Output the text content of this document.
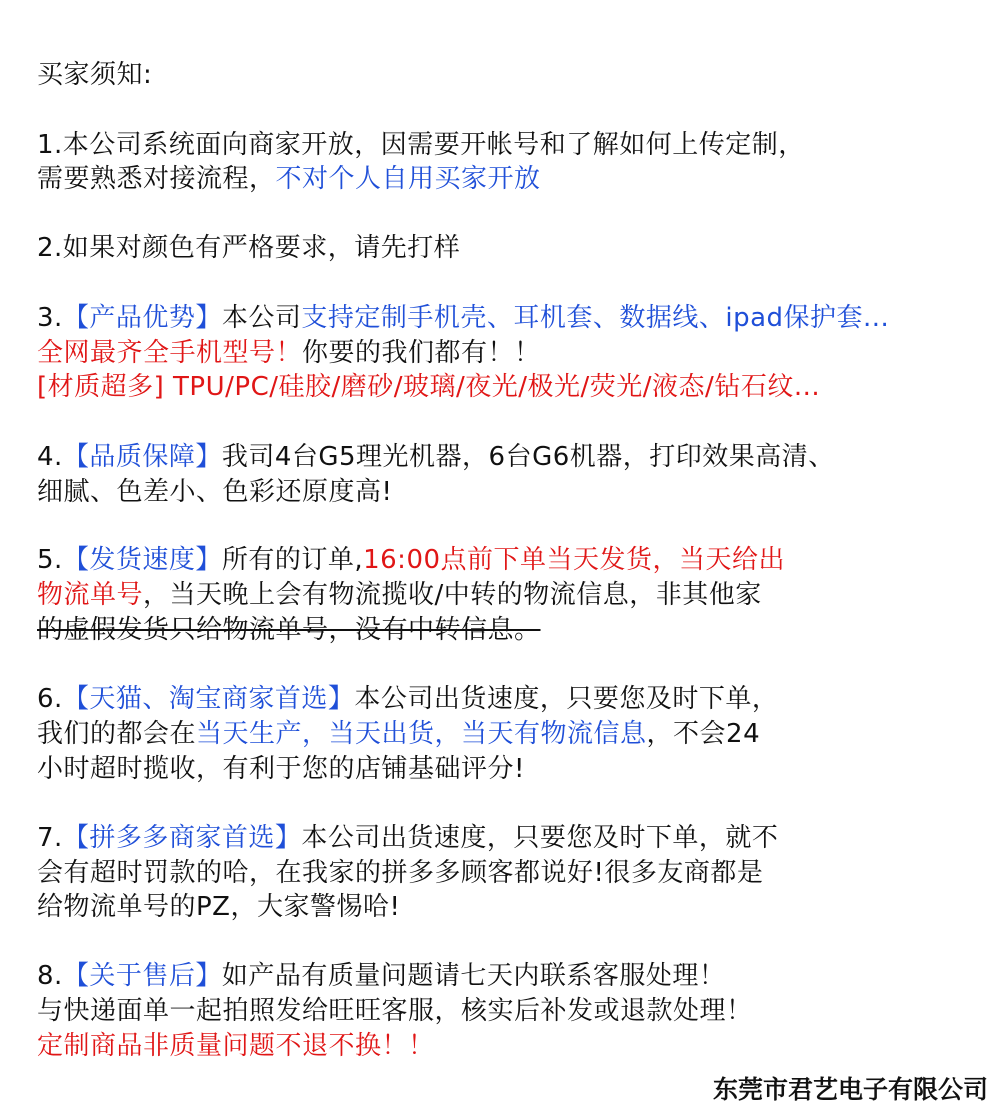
买家须知:
1.本公司系统面向商家开放，因需要开帐号和了解如何上传定制，
需要熟悉对接流程，不对个人自用买家开放
2.如果对颜色有严格要求，请先打样
3.【产品优势】本公司支持定制手机壳、耳机套、数据线、ipad保护套...
全网最齐全手机型号！你要的我们都有！！
[材质超多] TPU/PC/硅胶/磨砂/玻璃/夜光/极光/荧光/液态/钻石纹...
4.【品质保障】我司4台G5理光机器，6台G6机器，打印效果高清、
细腻、色差小、色彩还原度高!
5.【发货速度】所有的订单,16:00点前下单当天发货，当天给出
物流单号，当天晚上会有物流揽收/中转的物流信息，非其他家
的虚假发货只给物流单号，没有中转信息。
6.【天猫、淘宝商家首选】本公司出货速度，只要您及时下单，
我们的都会在当天生产，当天出货，当天有物流信息，不会24
小时超时揽收，有利于您的店铺基础评分!
7.【拼多多商家首选】本公司出货速度，只要您及时下单，就不
会有超时罚款的哈，在我家的拼多多顾客都说好!很多友商都是
给物流单号的PZ，大家警惕哈!
8.【关于售后】如产品有质量问题请七天内联系客服处理！
与快递面单一起拍照发给旺旺客服，核实后补发或退款处理！
定制商品非质量问题不退不换！！
东莞市君艺电子有限公司
